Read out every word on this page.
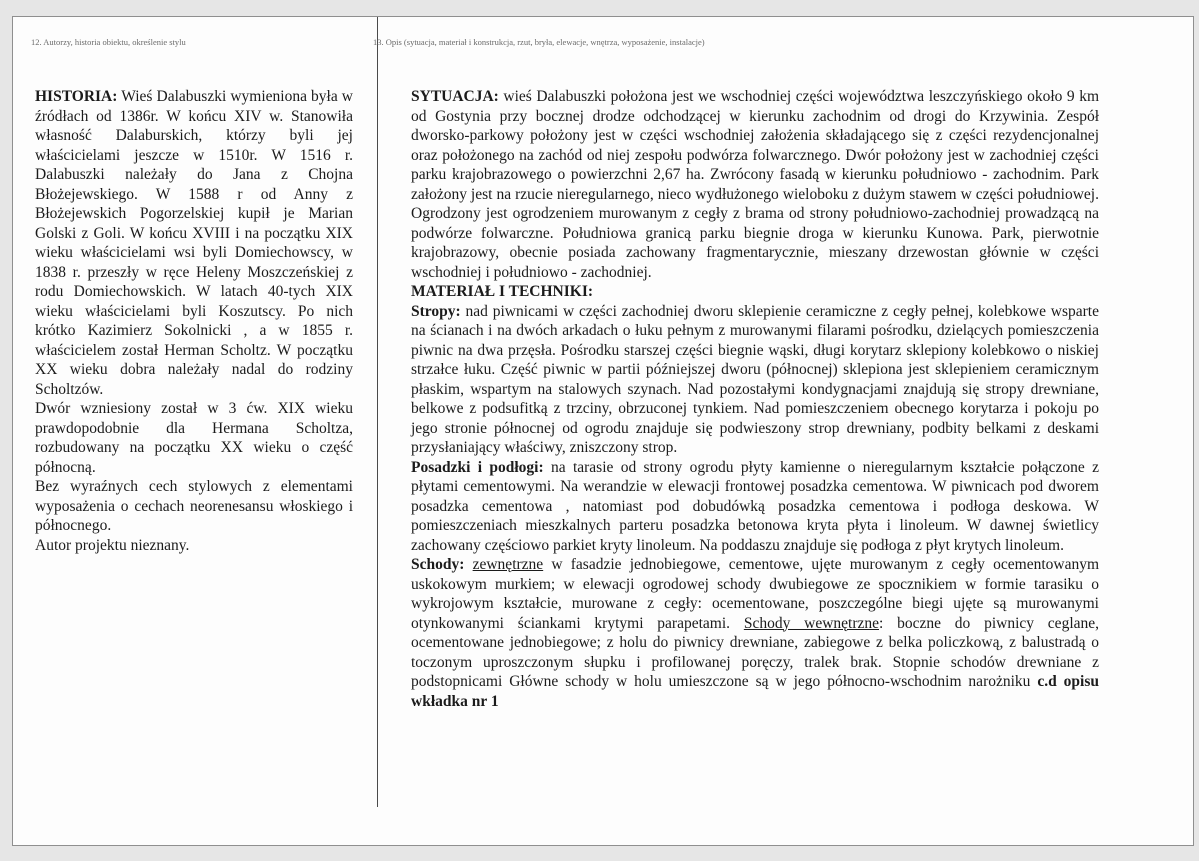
12. Autorzy, historia obiektu, określenie stylu	13. Opis (sytuacja, materiał i konstrukcja, rzut, bryła, elewacje, wnętrza, wyposażenie, instalacje)

HISTORIA: Wieś Dalabuszki wymieniona była w źródłach od 1386r. W końcu XIV w. Stanowiła własność Dalaburskich, którzy byli jej właścicielami jeszcze w 1510r. W 1516 r. Dalabuszki należały do Jana z Chojna Błożejewskiego. W 1588 r od Anny z Błożejewskich Pogorzelskiej kupił je Marian Golski z Goli. W końcu XVIII i na początku XIX wieku właścicielami wsi byli Domiechowscy, w 1838 r. przeszły w ręce Heleny Moszczeńskiej z rodu Domiechowskich. W latach 40-tych XIX wieku właścicielami byli Koszutscy. Po nich krótko Kazimierz Sokolnicki , a w 1855 r. właścicielem został Herman Scholtz. W początku XX wieku dobra należały nadal do rodziny Scholtzów.

Dwór wzniesiony został w 3 ćw. XIX wieku prawdopodobnie dla Hermana Scholtza, rozbudowany na początku XX wieku o część północną.

Bez wyraźnych cech stylowych z elementami wyposażenia o cechach neorenesansu włoskiego i północnego.

Autor projektu nieznany.

SYTUACJA: wieś Dalabuszki położona jest we wschodniej części województwa leszczyńskiego około 9 km od Gostynia przy bocznej drodze odchodzącej w kierunku zachodnim od drogi do Krzywinia. Zespół dworsko-parkowy położony jest w części wschodniej założenia składającego się z części rezydencjonalnej oraz położonego na zachód od niej zespołu podwórza folwarcznego. Dwór położony jest w zachodniej części parku krajobrazowego o powierzchni 2,67 ha. Zwrócony fasadą w kierunku południowo - zachodnim. Park założony jest na rzucie nieregularnego, nieco wydłużonego wieloboku z dużym stawem w części południowej. Ogrodzony jest ogrodzeniem murowanym z cegły z brama od strony południowo-zachodniej prowadzącą na podwórze folwarczne. Południowa granicą parku biegnie droga w kierunku Kunowa. Park, pierwotnie krajobrazowy, obecnie posiada zachowany fragmentarycznie, mieszany drzewostan głównie w części wschodniej i południowo - zachodniej.

MATERIAŁ I TECHNIKI:

Stropy: nad piwnicami w części zachodniej dworu sklepienie ceramiczne z cegły pełnej, kolebkowe wsparte na ścianach i na dwóch arkadach o łuku pełnym z murowanymi filarami pośrodku, dzielących pomieszczenia piwnic na dwa przęsła. Pośrodku starszej części biegnie wąski, długi korytarz sklepiony kolebkowo o niskiej strzałce łuku. Część piwnic w partii późniejszej dworu (północnej) sklepiona jest sklepieniem ceramicznym płaskim, wspartym na stalowych szynach. Nad pozostałymi kondygnacjami znajdują się stropy drewniane, belkowe z podsufitką z trzciny, obrzuconej tynkiem. Nad pomieszczeniem obecnego korytarza i pokoju po jego stronie północnej od ogrodu znajduje się podwieszony strop drewniany, podbity belkami z deskami przysłaniający właściwy, zniszczony strop.

Posadzki i podłogi: na tarasie od strony ogrodu płyty kamienne o nieregularnym kształcie połączone z płytami cementowymi. Na werandzie w elewacji frontowej posadzka cementowa. W piwnicach pod dworem posadzka cementowa , natomiast pod dobudówką posadzka cementowa i podłoga deskowa. W pomieszczeniach mieszkalnych parteru posadzka betonowa kryta płyta i linoleum. W dawnej świetlicy zachowany częściowo parkiet kryty linoleum. Na poddaszu znajduje się podłoga z płyt krytych linoleum.

Schody: zewnętrzne w fasadzie jednobiegowe, cementowe, ujęte murowanym z cegły ocementowanym uskokowym murkiem; w elewacji ogrodowej schody dwubiegowe ze spocznikiem w formie tarasiku o wykrojowym kształcie, murowane z cegły: ocementowane, poszczególne biegi ujęte są murowanymi otynkowanymi ściankami krytymi parapetami. Schody wewnętrzne: boczne do piwnicy ceglane, ocementowane jednobiegowe; z holu do piwnicy drewniane, zabiegowe z belka policzkową, z balustradą o toczonym uproszczonym słupku i profilowanej poręczy, tralek brak. Stopnie schodów drewniane z podstopnicami Główne schody w holu umieszczone są w jego północno-wschodnim narożniku c.d opisu wkładka nr 1
